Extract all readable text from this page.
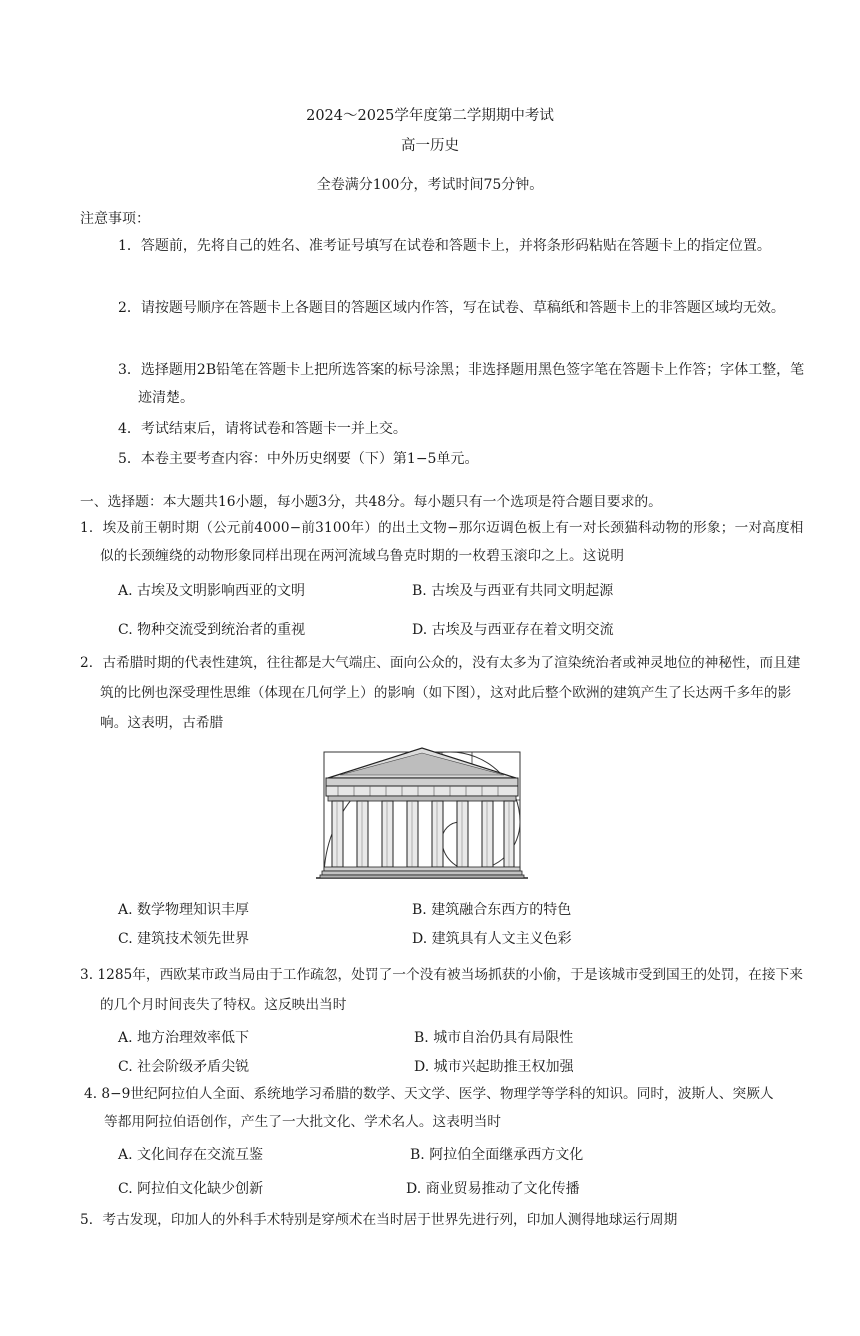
2024～2025学年度第二学期期中考试
高一历史
全卷满分100分，考试时间75分钟。
注意事项：
1．答题前，先将自己的姓名、准考证号填写在试卷和答题卡上，并将条形码粘贴在答题卡上的指定位置。
2．请按题号顺序在答题卡上各题目的答题区域内作答，写在试卷、草稿纸和答题卡上的非答题区域均无效。
3．选择题用2B铅笔在答题卡上把所选答案的标号涂黑；非选择题用黑色签字笔在答题卡上作答；字体工整，笔迹清楚。
4．考试结束后，请将试卷和答题卡一并上交。
5．本卷主要考查内容：中外历史纲要（下）第1−5单元。
一、选择题：本大题共16小题，每小题3分，共48分。每小题只有一个选项是符合题目要求的。
1．埃及前王朝时期（公元前4000−前3100年）的出土文物−那尔迈调色板上有一对长颈猫科动物的形象；一对高度相似的长颈缠绕的动物形象同样出现在两河流域乌鲁克时期的一枚碧玉滚印之上。这说明
A. 古埃及文明影响西亚的文明	B. 古埃及与西亚有共同文明起源
C. 物种交流受到统治者的重视	D. 古埃及与西亚存在着文明交流
2．古希腊时期的代表性建筑，往往都是大气端庄、面向公众的，没有太多为了渲染统治者或神灵地位的神秘性，而且建筑的比例也深受理性思维（体现在几何学上）的影响（如下图），这对此后整个欧洲的建筑产生了长达两千多年的影响。这表明，古希腊
A. 数学物理知识丰厚	B. 建筑融合东西方的特色
C. 建筑技术领先世界	D. 建筑具有人文主义色彩
3. 1285年，西欧某市政当局由于工作疏忽，处罚了一个没有被当场抓获的小偷，于是该城市受到国王的处罚，在接下来的几个月时间丧失了特权。这反映出当时
A. 地方治理效率低下	B. 城市自治仍具有局限性
C. 社会阶级矛盾尖锐	D. 城市兴起助推王权加强
4. 8−9世纪阿拉伯人全面、系统地学习希腊的数学、天文学、医学、物理学等学科的知识。同时，波斯人、突厥人等都用阿拉伯语创作，产生了一大批文化、学术名人。这表明当时
A. 文化间存在交流互鉴	B. 阿拉伯全面继承西方文化
C. 阿拉伯文化缺少创新	D. 商业贸易推动了文化传播
5．考古发现，印加人的外科手术特别是穿颅术在当时居于世界先进行列，印加人测得地球运行周期
